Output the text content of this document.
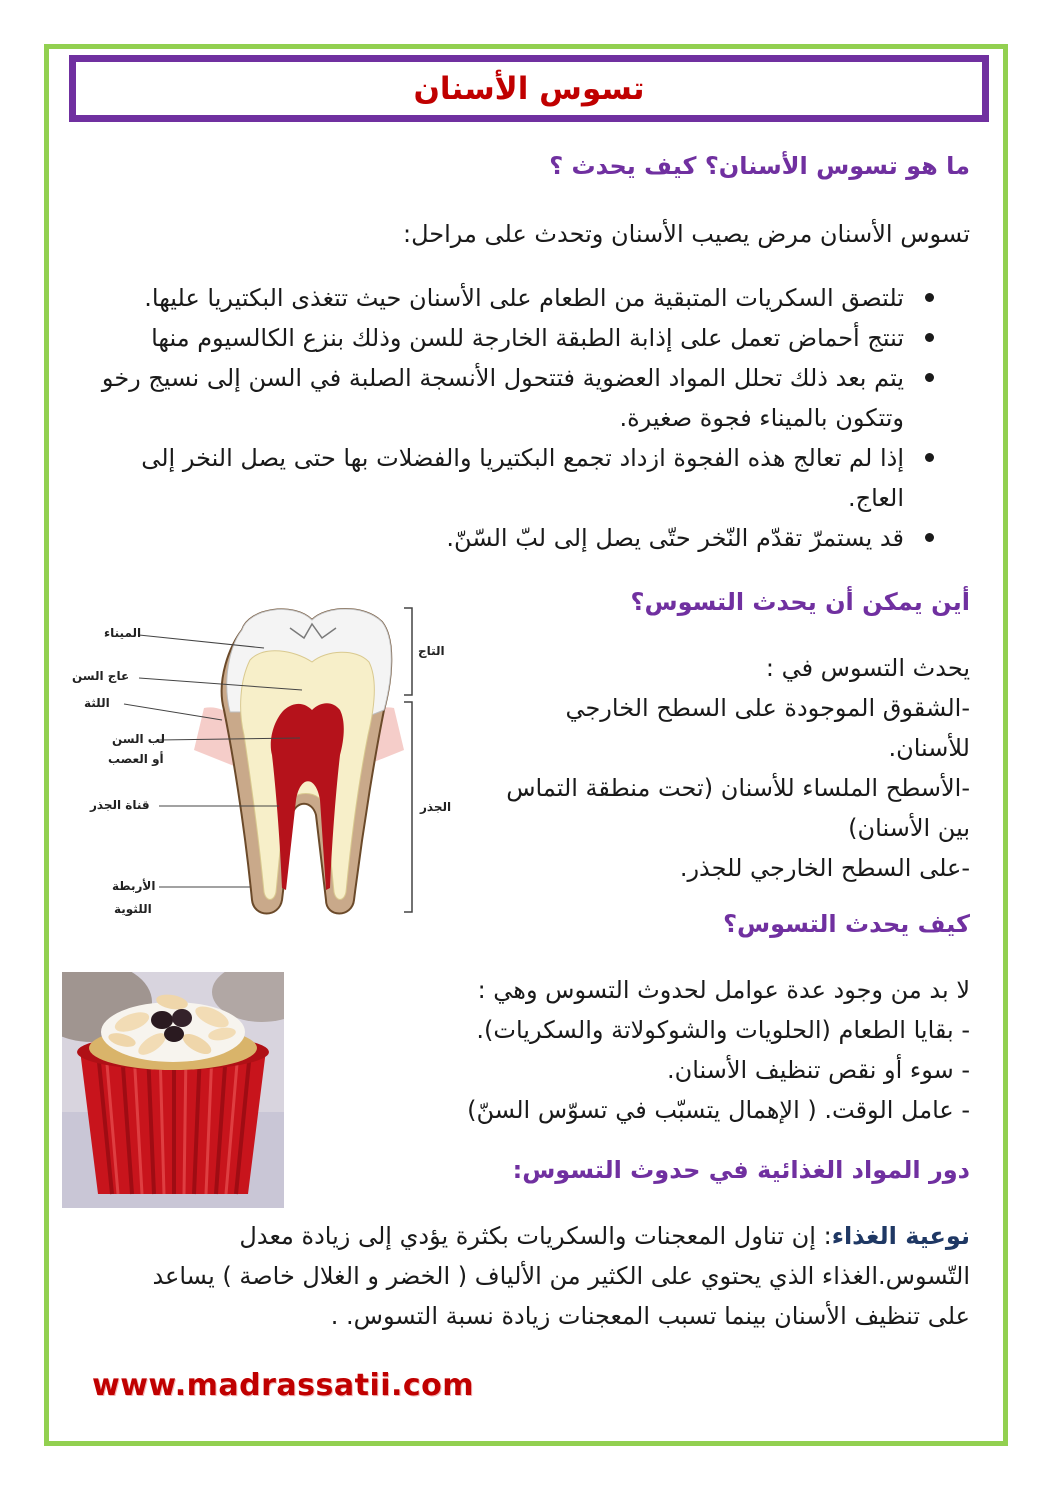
تسوس الأسنان
ما هو تسوس الأسنان؟ كيف يحدث ؟
تسوس الأسنان مرض يصيب الأسنان وتحدث على مراحل:
تلتصق السكريات المتبقية من الطعام على الأسنان حيث تتغذى البكتيريا عليها.
تنتج أحماض تعمل على إذابة الطبقة الخارجة للسن وذلك بنزع الكالسيوم منها
يتم بعد ذلك تحلل المواد العضوية فتتحول الأنسجة الصلبة في السن إلى نسيج رخو وتتكون بالميناء فجوة صغيرة.
إذا لم تعالج هذه الفجوة ازداد تجمع البكتيريا والفضلات بها حتى يصل النخر إلى العاج.
قد يستمرّ تقدّم النّخر حتّى يصل إلى لبّ السّنّ.
أين يمكن أن يحدث التسوس؟
يحدث التسوس في :
-الشقوق الموجودة على السطح الخارجي
للأسنان.
-الأسطح الملساء للأسنان (تحت منطقة التماس
بين الأسنان)
-على السطح الخارجي للجذر.
الميناء
عاج السن
اللثة
لب السن
أو العصب
قناة الجذر
الأربطة
اللثوية
التاج
الجذر
كيف يحدث التسوس؟
لا بد من وجود عدة عوامل لحدوث التسوس وهي :
- بقايا الطعام (الحلويات والشوكولاتة والسكريات).
- سوء أو نقص تنظيف الأسنان.
- عامل الوقت. ( الإهمال يتسبّب في تسوّس السنّ)
دور المواد الغذائية في حدوث التسوس:
نوعية الغذاء: إن تناول المعجنات والسكريات بكثرة يؤدي إلى زيادة معدل
التّسوس.الغذاء الذي يحتوي على الكثير من الألياف ( الخضر و الغلال خاصة ) يساعد
على تنظيف الأسنان بينما تسبب المعجنات زيادة نسبة التسوس. .
www.madrassatii.com
